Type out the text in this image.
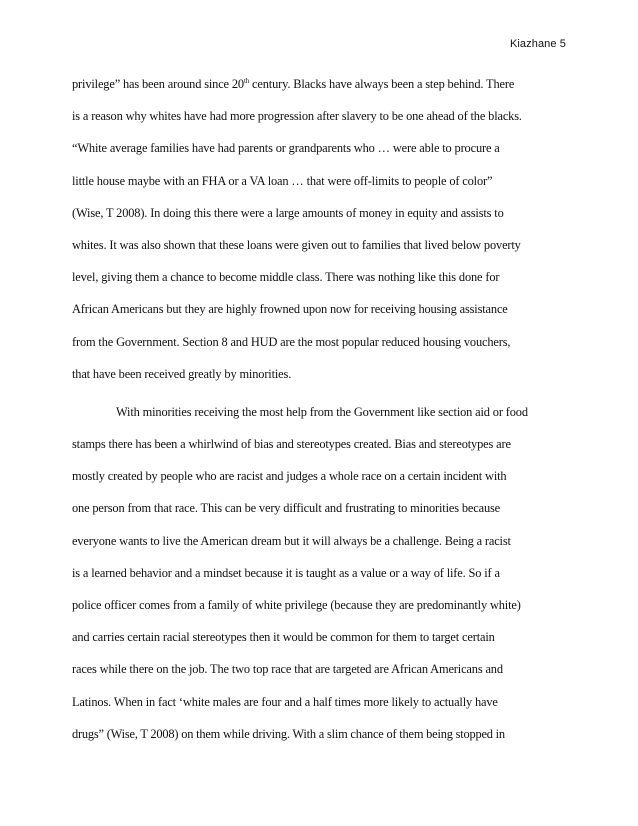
Kiazhane 5
privilege” has been around since 20th century. Blacks have always been a step behind. There
is a reason why whites have had more progression after slavery to be one ahead of the blacks.
“White average families have had parents or grandparents who … were able to procure a
little house maybe with an FHA or a VA loan … that were off-limits to people of color”
(Wise, T 2008). In doing this there were a large amounts of money in equity and assists to
whites. It was also shown that these loans were given out to families that lived below poverty
level, giving them a chance to become middle class. There was nothing like this done for
African Americans but they are highly frowned upon now for receiving housing assistance
from the Government. Section 8 and HUD are the most popular reduced housing vouchers,
that have been received greatly by minorities.
With minorities receiving the most help from the Government like section aid or food
stamps there has been a whirlwind of bias and stereotypes created. Bias and stereotypes are
mostly created by people who are racist and judges a whole race on a certain incident with
one person from that race. This can be very difficult and frustrating to minorities because
everyone wants to live the American dream but it will always be a challenge. Being a racist
is a learned behavior and a mindset because it is taught as a value or a way of life. So if a
police officer comes from a family of white privilege (because they are predominantly white)
and carries certain racial stereotypes then it would be common for them to target certain
races while there on the job. The two top race that are targeted are African Americans and
Latinos. When in fact ‘white males are four and a half times more likely to actually have
drugs” (Wise, T 2008) on them while driving. With a slim chance of them being stopped in
